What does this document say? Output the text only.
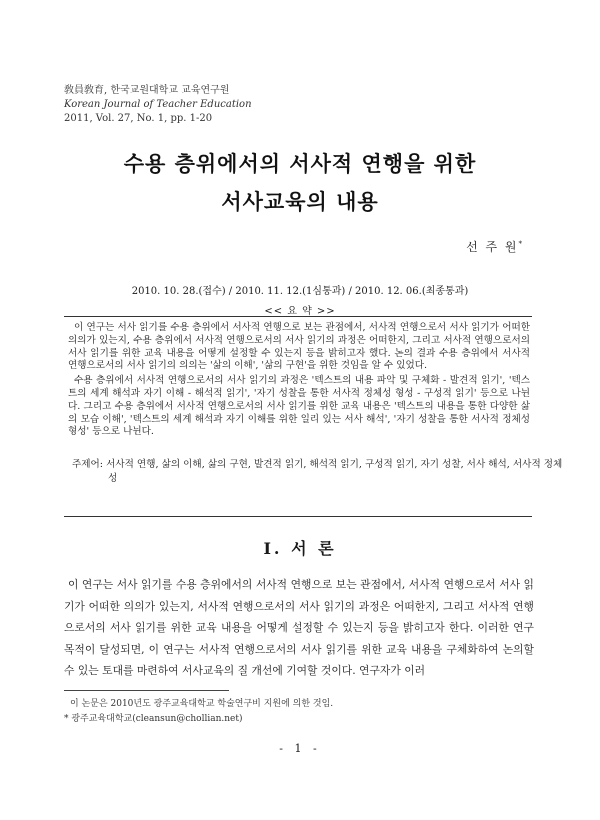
敎員敎育, 한국교원대학교 교육연구원
Korean Journal of Teacher Education
2011, Vol. 27, No. 1, pp. 1-20
수용 층위에서의 서사적 연행을 위한
서사교육의 내용
선 주 원*
2010. 10. 28.(접수) / 2010. 11. 12.(1심통과) / 2010. 12. 06.(최종통과)
<< 요 약 >>

이 연구는 서사 읽기를 수용 층위에서 서사적 연행으로 보는 관점에서, 서사적 연행으로서 서사 읽기가 어떠한 의의가 있는지, 수용 층위에서 서사적 연행으로서의 서사 읽기의 과정은 어떠한지, 그리고 서사적 연행으로서의 서사 읽기를 위한 교육 내용을 어떻게 설정할 수 있는지 등을 밝히고자 했다. 논의 결과 수용 층위에서 서사적 연행으로서의 서사 읽기의 의의는 '삶의 이해', '삶의 구현'을 위한 것임을 알 수 있었다.

수용 층위에서 서사적 연행으로서의 서사 읽기의 과정은 '텍스트의 내용 파악 및 구체화 - 발견적 읽기', '텍스트의 세계 해석과 자기 이해 - 해석적 읽기', '자기 성찰을 통한 서사적 정체성 형성 - 구성적 읽기' 등으로 나뉜다. 그리고 수용 층위에서 서사적 연행으로서의 서사 읽기를 위한 교육 내용은 '텍스트의 내용을 통한 다양한 삶의 모습 이해', '텍스트의 세계 해석과 자기 이해를 위한 일리 있는 서사 해석', '자기 성찰을 통한 서사적 정체성 형성' 등으로 나뉜다.

주제어: 서사적 연행, 삶의 이해, 삶의 구현, 발견적 읽기, 해석적 읽기, 구성적 읽기, 자기 성찰, 서사 해석, 서사적 정체성
Ⅰ. 서 론
이 연구는 서사 읽기를 수용 층위에서의 서사적 연행으로 보는 관점에서, 서사적 연행으로서 서사 읽기가 어떠한 의의가 있는지, 서사적 연행으로서의 서사 읽기의 과정은 어떠한지, 그리고 서사적 연행으로서의 서사 읽기를 위한 교육 내용을 어떻게 설정할 수 있는지 등을 밝히고자 한다. 이러한 연구 목적이 달성되면, 이 연구는 서사적 연행으로서의 서사 읽기를 위한 교육 내용을 구체화하여 논의할 수 있는 토대를 마련하여 서사교육의 질 개선에 기여할 것이다. 연구자가 이러
이 논문은 2010년도 광주교육대학교 학술연구비 지원에 의한 것임.
* 광주교육대학교(cleansun@chollian.net)
- 1 -
